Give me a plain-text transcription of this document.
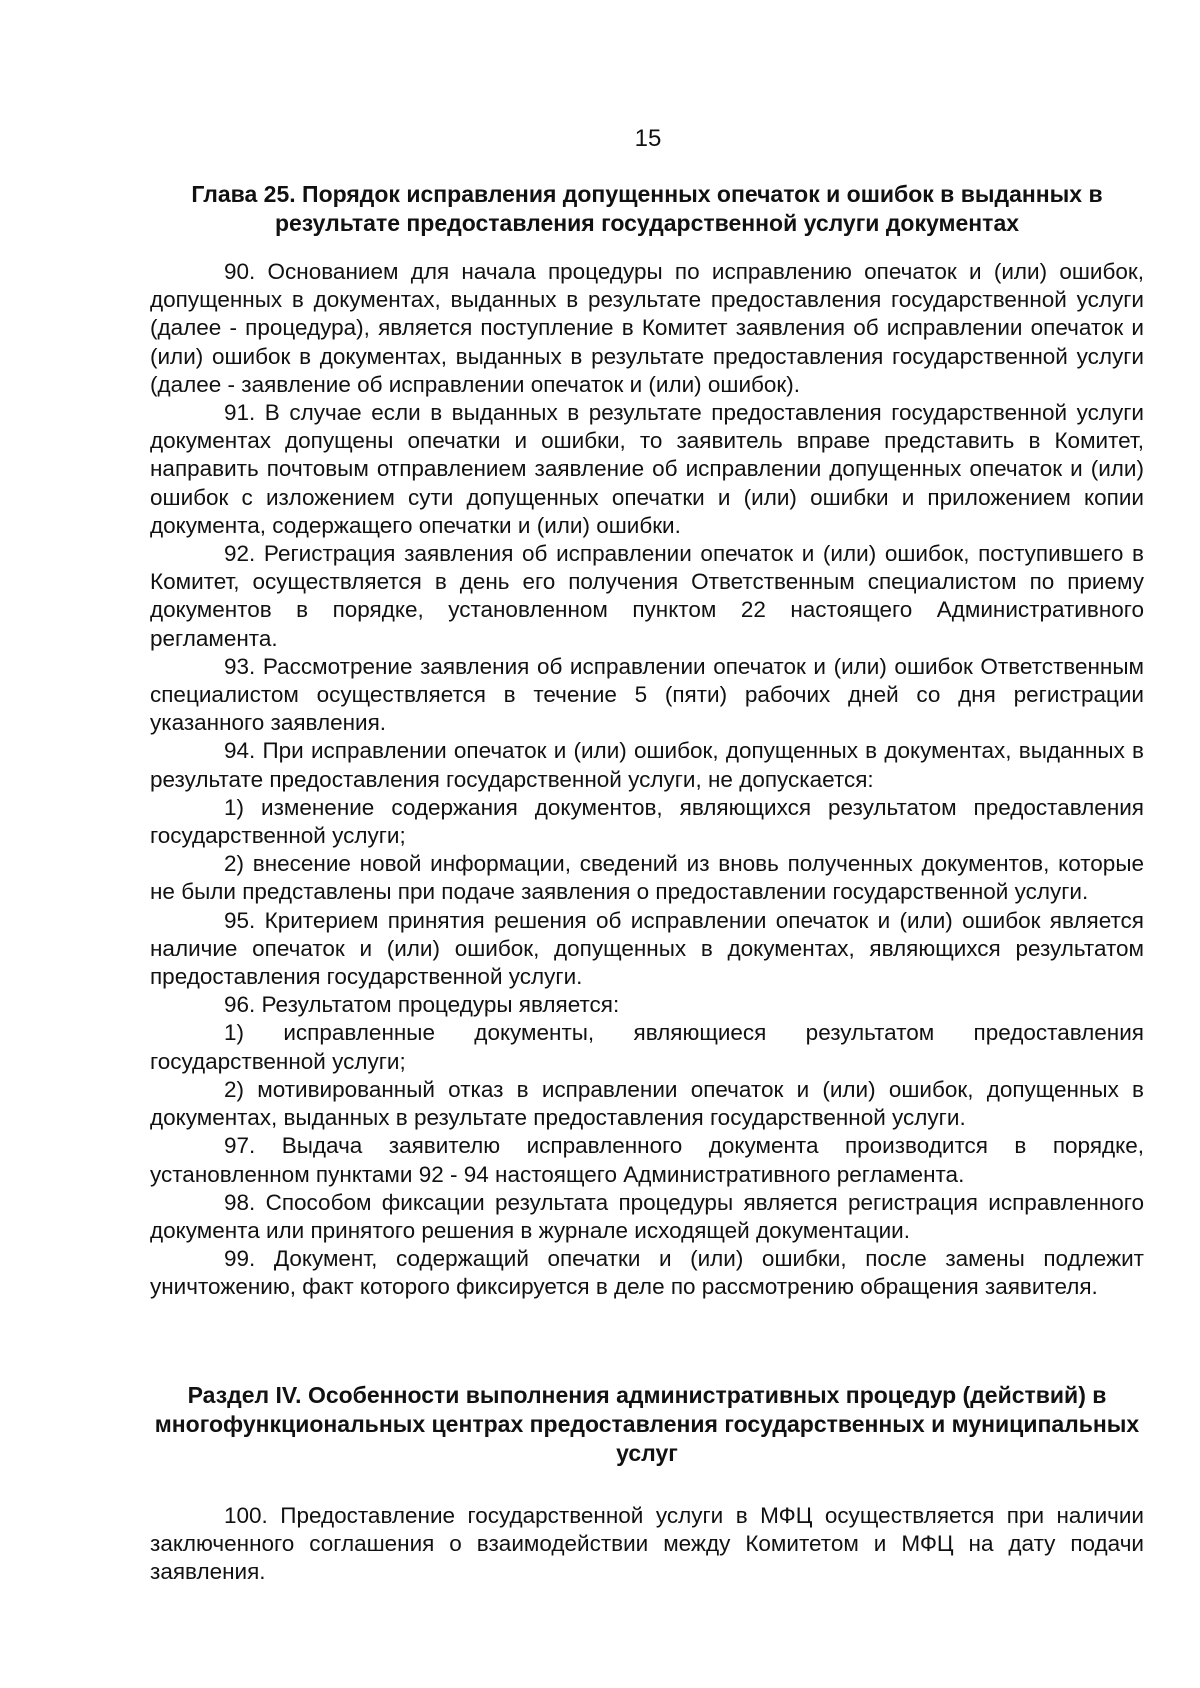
15
Глава 25. Порядок исправления допущенных опечаток и ошибок в выданных в результате предоставления государственной услуги документах

90. Основанием для начала процедуры по исправлению опечаток и (или) ошибок, допущенных в документах, выданных в результате предоставления государственной услуги (далее - процедура), является поступление в Комитет заявления об исправлении опечаток и (или) ошибок в документах, выданных в результате предоставления государственной услуги (далее - заявление об исправлении опечаток и (или) ошибок).

91. В случае если в выданных в результате предоставления государственной услуги документах допущены опечатки и ошибки, то заявитель вправе представить в Комитет, направить почтовым отправлением заявление об исправлении допущенных опечаток и (или) ошибок с изложением сути допущенных опечатки и (или) ошибки и приложением копии документа, содержащего опечатки и (или) ошибки.

92. Регистрация заявления об исправлении опечаток и (или) ошибок, поступившего в Комитет, осуществляется в день его получения Ответственным специалистом по приему документов в порядке, установленном пунктом 22 настоящего Административного регламента.

93. Рассмотрение заявления об исправлении опечаток и (или) ошибок Ответственным специалистом осуществляется в течение 5 (пяти) рабочих дней со дня регистрации указанного заявления.

94. При исправлении опечаток и (или) ошибок, допущенных в документах, выданных в результате предоставления государственной услуги, не допускается:

1) изменение содержания документов, являющихся результатом предоставления государственной услуги;

2) внесение новой информации, сведений из вновь полученных документов, которые не были представлены при подаче заявления о предоставлении государственной услуги.

95. Критерием принятия решения об исправлении опечаток и (или) ошибок является наличие опечаток и (или) ошибок, допущенных в документах, являющихся результатом предоставления государственной услуги.

96. Результатом процедуры является:

1) исправленные документы, являющиеся результатом предоставления государственной услуги;

2) мотивированный отказ в исправлении опечаток и (или) ошибок, допущенных в документах, выданных в результате предоставления государственной услуги.

97. Выдача заявителю исправленного документа производится в порядке, установленном пунктами 92 - 94 настоящего Административного регламента.

98. Способом фиксации результата процедуры является регистрация исправленного документа или принятого решения в журнале исходящей документации.

99. Документ, содержащий опечатки и (или) ошибки, после замены подлежит уничтожению, факт которого фиксируется в деле по рассмотрению обращения заявителя.

Раздел IV. Особенности выполнения административных процедур (действий) в многофункциональных центрах предоставления государственных и муниципальных услуг

100. Предоставление государственной услуги в МФЦ осуществляется при наличии заключенного соглашения о взаимодействии между Комитетом и МФЦ на дату подачи заявления.
